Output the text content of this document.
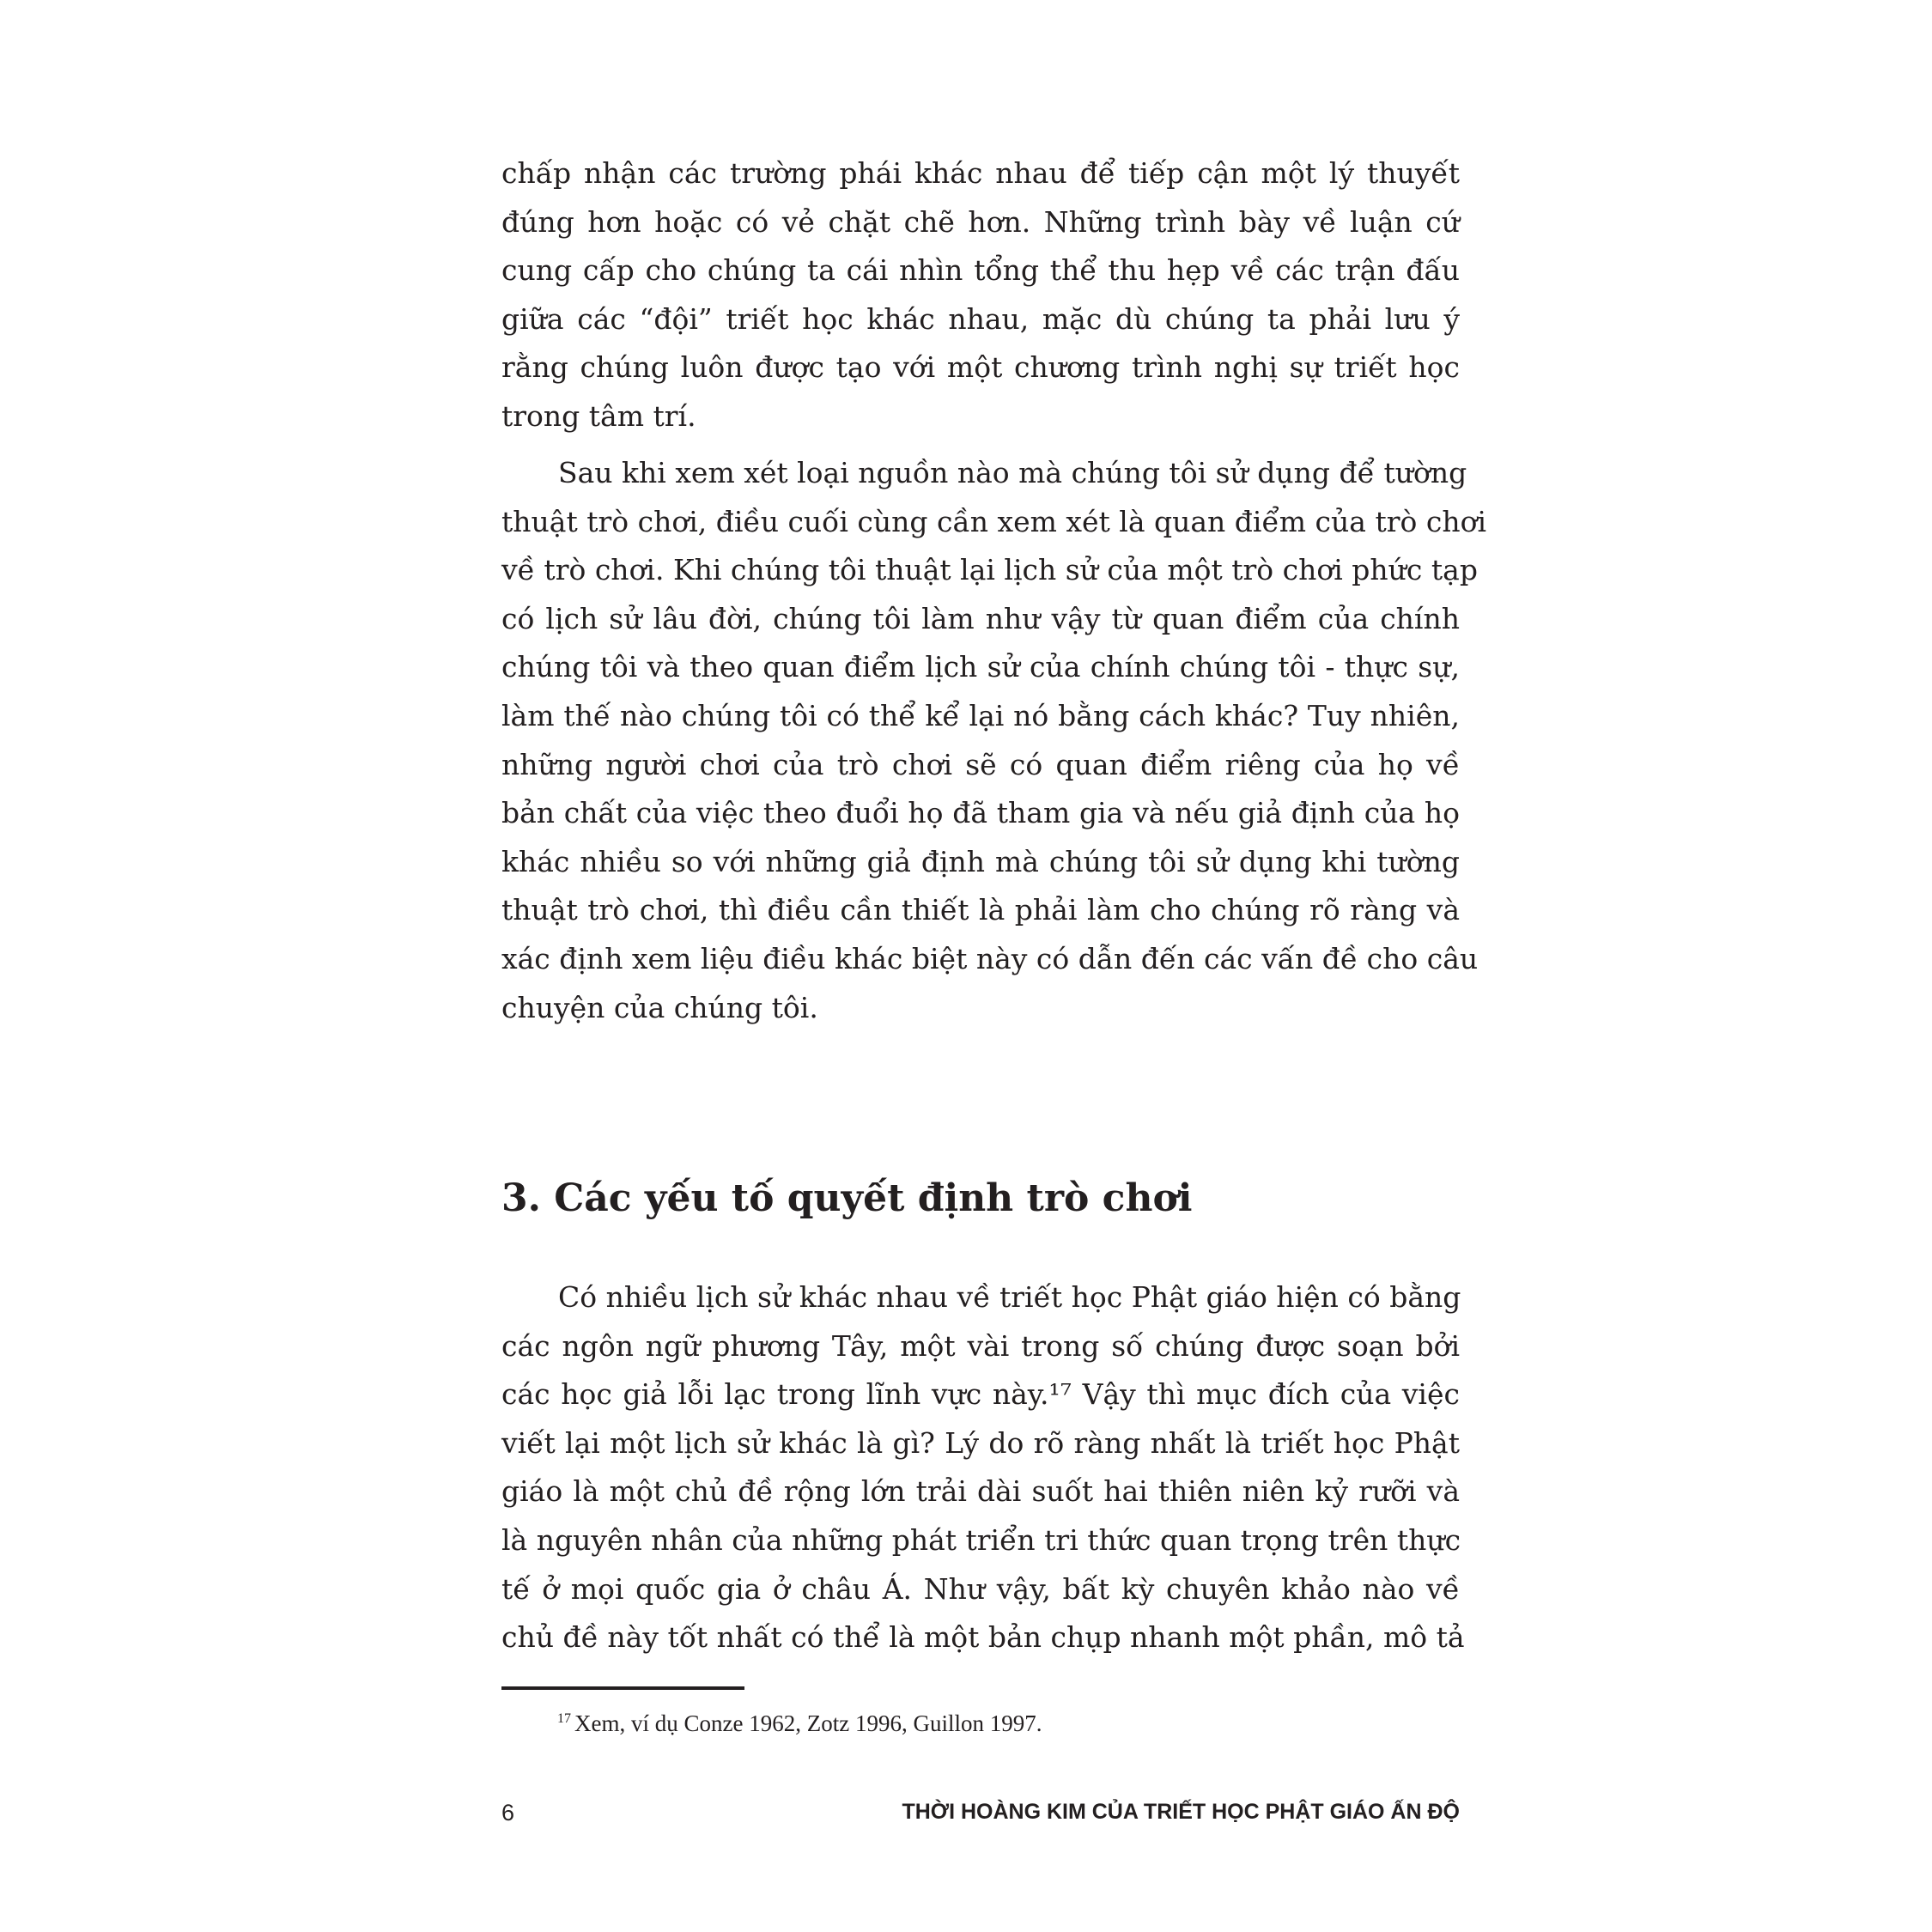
chấp nhận các trường phái khác nhau để tiếp cận một lý thuyết
đúng hơn hoặc có vẻ chặt chẽ hơn. Những trình bày về luận cứ
cung cấp cho chúng ta cái nhìn tổng thể thu hẹp về các trận đấu
giữa các “đội” triết học khác nhau, mặc dù chúng ta phải lưu ý
rằng chúng luôn được tạo với một chương trình nghị sự triết học
trong tâm trí.
Sau khi xem xét loại nguồn nào mà chúng tôi sử dụng để tường
thuật trò chơi, điều cuối cùng cần xem xét là quan điểm của trò chơi
về trò chơi. Khi chúng tôi thuật lại lịch sử của một trò chơi phức tạp
có lịch sử lâu đời, chúng tôi làm như vậy từ quan điểm của chính
chúng tôi và theo quan điểm lịch sử của chính chúng tôi - thực sự,
làm thế nào chúng tôi có thể kể lại nó bằng cách khác? Tuy nhiên,
những người chơi của trò chơi sẽ có quan điểm riêng của họ về
bản chất của việc theo đuổi họ đã tham gia và nếu giả định của họ
khác nhiều so với những giả định mà chúng tôi sử dụng khi tường
thuật trò chơi, thì điều cần thiết là phải làm cho chúng rõ ràng và
xác định xem liệu điều khác biệt này có dẫn đến các vấn đề cho câu
chuyện của chúng tôi.
3. Các yếu tố quyết định trò chơi
Có nhiều lịch sử khác nhau về triết học Phật giáo hiện có bằng
các ngôn ngữ phương Tây, một vài trong số chúng được soạn bởi
các học giả lỗi lạc trong lĩnh vực này.¹⁷ Vậy thì mục đích của việc
viết lại một lịch sử khác là gì? Lý do rõ ràng nhất là triết học Phật
giáo là một chủ đề rộng lớn trải dài suốt hai thiên niên kỷ rưỡi và
là nguyên nhân của những phát triển tri thức quan trọng trên thực
tế ở mọi quốc gia ở châu Á. Như vậy, bất kỳ chuyên khảo nào về
chủ đề này tốt nhất có thể là một bản chụp nhanh một phần, mô tả
$^{17}$ Xem, ví dụ Conze 1962, Zotz 1996, Guillon 1997.
6	THỜI HOÀNG KIM CỦA TRIẾT HỌC PHẬT GIÁO ẤN ĐỘ
